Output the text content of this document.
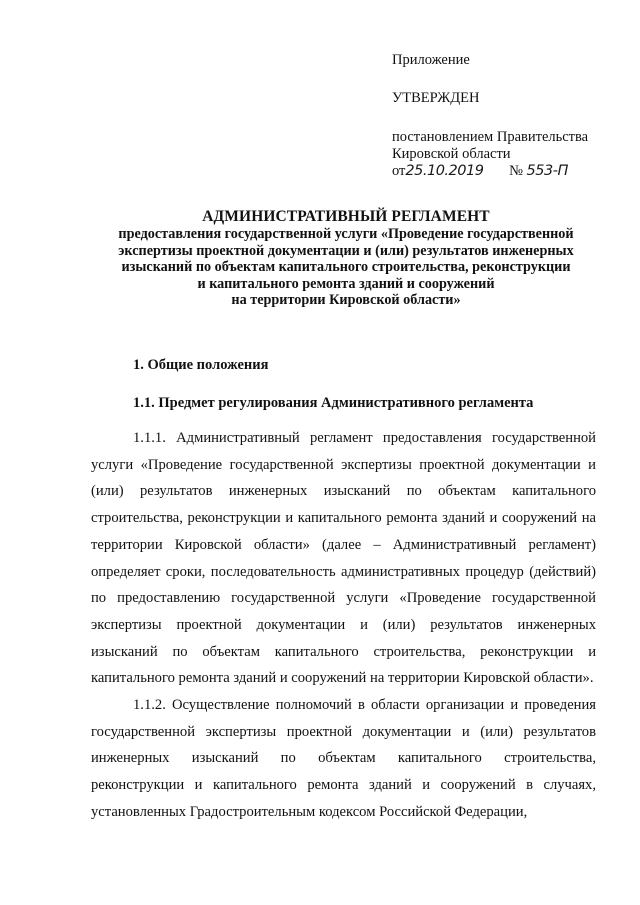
Приложение

УТВЕРЖДЕН

постановлением Правительства
Кировской области
от25.10.2019 № 553-П

АДМИНИСТРАТИВНЫЙ РЕГЛАМЕНТ

предоставления государственной услуги «Проведение государственной

экспертизы проектной документации и (или) результатов инженерных

изысканий по объектам капитального строительства, реконструкции

и капитального ремонта зданий и сооружений

на территории Кировской области»

1. Общие положения

1.1. Предмет регулирования Административного регламента

1.1.1. Административный регламент предоставления государственной услуги «Проведение государственной экспертизы проектной документации и (или) результатов инженерных изысканий по объектам капитального строительства, реконструкции и капитального ремонта зданий и сооружений на территории Кировской области» (далее – Административный регламент) определяет сроки, последовательность административных процедур (действий) по предоставлению государственной услуги «Проведение государственной экспертизы проектной документации и (или) результатов инженерных изысканий по объектам капитального строительства, реконструкции и капитального ремонта зданий и сооружений на территории Кировской области».

1.1.2. Осуществление полномочий в области организации и проведения государственной экспертизы проектной документации и (или) результатов инженерных изысканий по объектам капитального строительства, реконструкции и капитального ремонта зданий и сооружений в случаях, установленных Градостроительным кодексом Российской Федерации,
